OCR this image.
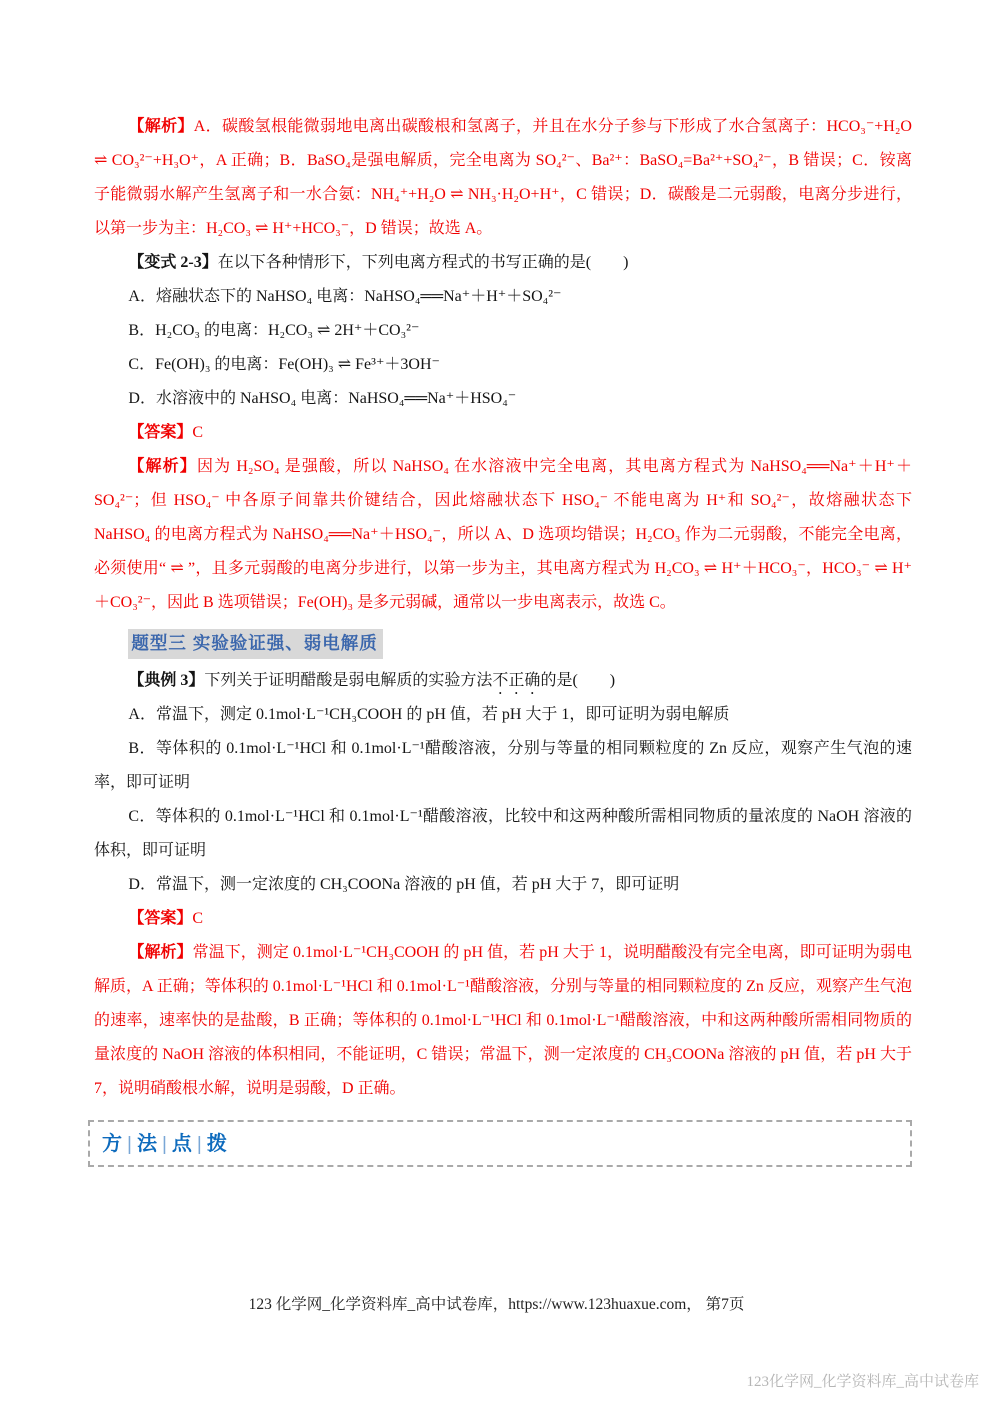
【解析】A．碳酸氢根能微弱地电离出碳酸根和氢离子，并且在水分子参与下形成了水合氢离子：HCO₃⁻+H₂O ⇌ CO₃²⁻+H₃O⁺，A 正确；B．BaSO₄是强电解质，完全电离为 SO₄²⁻、Ba²⁺：BaSO₄=Ba²⁺+SO₄²⁻，B 错误；C．铵离子能微弱水解产生氢离子和一水合氨：NH₄⁺+H₂O ⇌ NH₃·H₂O+H⁺，C 错误；D．碳酸是二元弱酸，电离分步进行，以第一步为主：H₂CO₃ ⇌ H⁺+HCO₃⁻，D 错误；故选 A。

【变式 2-3】在以下各种情形下，下列电离方程式的书写正确的是(　　)

A．熔融状态下的 NaHSO₄ 电离：NaHSO₄══Na⁺＋H⁺＋SO₄²⁻

B．H₂CO₃ 的电离：H₂CO₃ ⇌ 2H⁺＋CO₃²⁻

C．Fe(OH)₃ 的电离：Fe(OH)₃ ⇌ Fe³⁺＋3OH⁻

D．水溶液中的 NaHSO₄ 电离：NaHSO₄══Na⁺＋HSO₄⁻

【答案】C

【解析】因为 H₂SO₄ 是强酸，所以 NaHSO₄ 在水溶液中完全电离，其电离方程式为 NaHSO₄══Na⁺＋H⁺＋SO₄²⁻；但 HSO₄⁻ 中各原子间靠共价键结合，因此熔融状态下 HSO₄⁻ 不能电离为 H⁺和 SO₄²⁻，故熔融状态下 NaHSO₄ 的电离方程式为 NaHSO₄══Na⁺＋HSO₄⁻，所以 A、D 选项均错误；H₂CO₃ 作为二元弱酸，不能完全电离，必须使用“ ⇌ ”，且多元弱酸的电离分步进行，以第一步为主，其电离方程式为 H₂CO₃ ⇌ H⁺＋HCO₃⁻，HCO₃⁻ ⇌ H⁺＋CO₃²⁻，因此 B 选项错误；Fe(OH)₃ 是多元弱碱，通常以一步电离表示，故选 C。

题型三 实验验证强、弱电解质

【典例 3】下列关于证明醋酸是弱电解质的实验方法不正确的是(　　)

A．常温下，测定 0.1mol·L⁻¹CH₃COOH 的 pH 值，若 pH 大于 1，即可证明为弱电解质

B．等体积的 0.1mol·L⁻¹HCl 和 0.1mol·L⁻¹醋酸溶液，分别与等量的相同颗粒度的 Zn 反应，观察产生气泡的速率，即可证明

C．等体积的 0.1mol·L⁻¹HCl 和 0.1mol·L⁻¹醋酸溶液，比较中和这两种酸所需相同物质的量浓度的 NaOH 溶液的体积，即可证明

D．常温下，测一定浓度的 CH₃COONa 溶液的 pH 值，若 pH 大于 7，即可证明

【答案】C

【解析】常温下，测定 0.1mol·L⁻¹CH₃COOH 的 pH 值，若 pH 大于 1，说明醋酸没有完全电离，即可证明为弱电解质，A 正确；等体积的 0.1mol·L⁻¹HCl 和 0.1mol·L⁻¹醋酸溶液，分别与等量的相同颗粒度的 Zn 反应，观察产生气泡的速率，速率快的是盐酸，B 正确；等体积的 0.1mol·L⁻¹HCl 和 0.1mol·L⁻¹醋酸溶液，中和这两种酸所需相同物质的量浓度的 NaOH 溶液的体积相同，不能证明，C 错误；常温下，测一定浓度的 CH₃COONa 溶液的 pH 值，若 pH 大于 7，说明硝酸根水解，说明是弱酸，D 正确。

方 | 法 | 点 | 拨
123 化学网_化学资料库_高中试卷库，https://www.123huaxue.com， 第7页
123化学网_化学资料库_高中试卷库
